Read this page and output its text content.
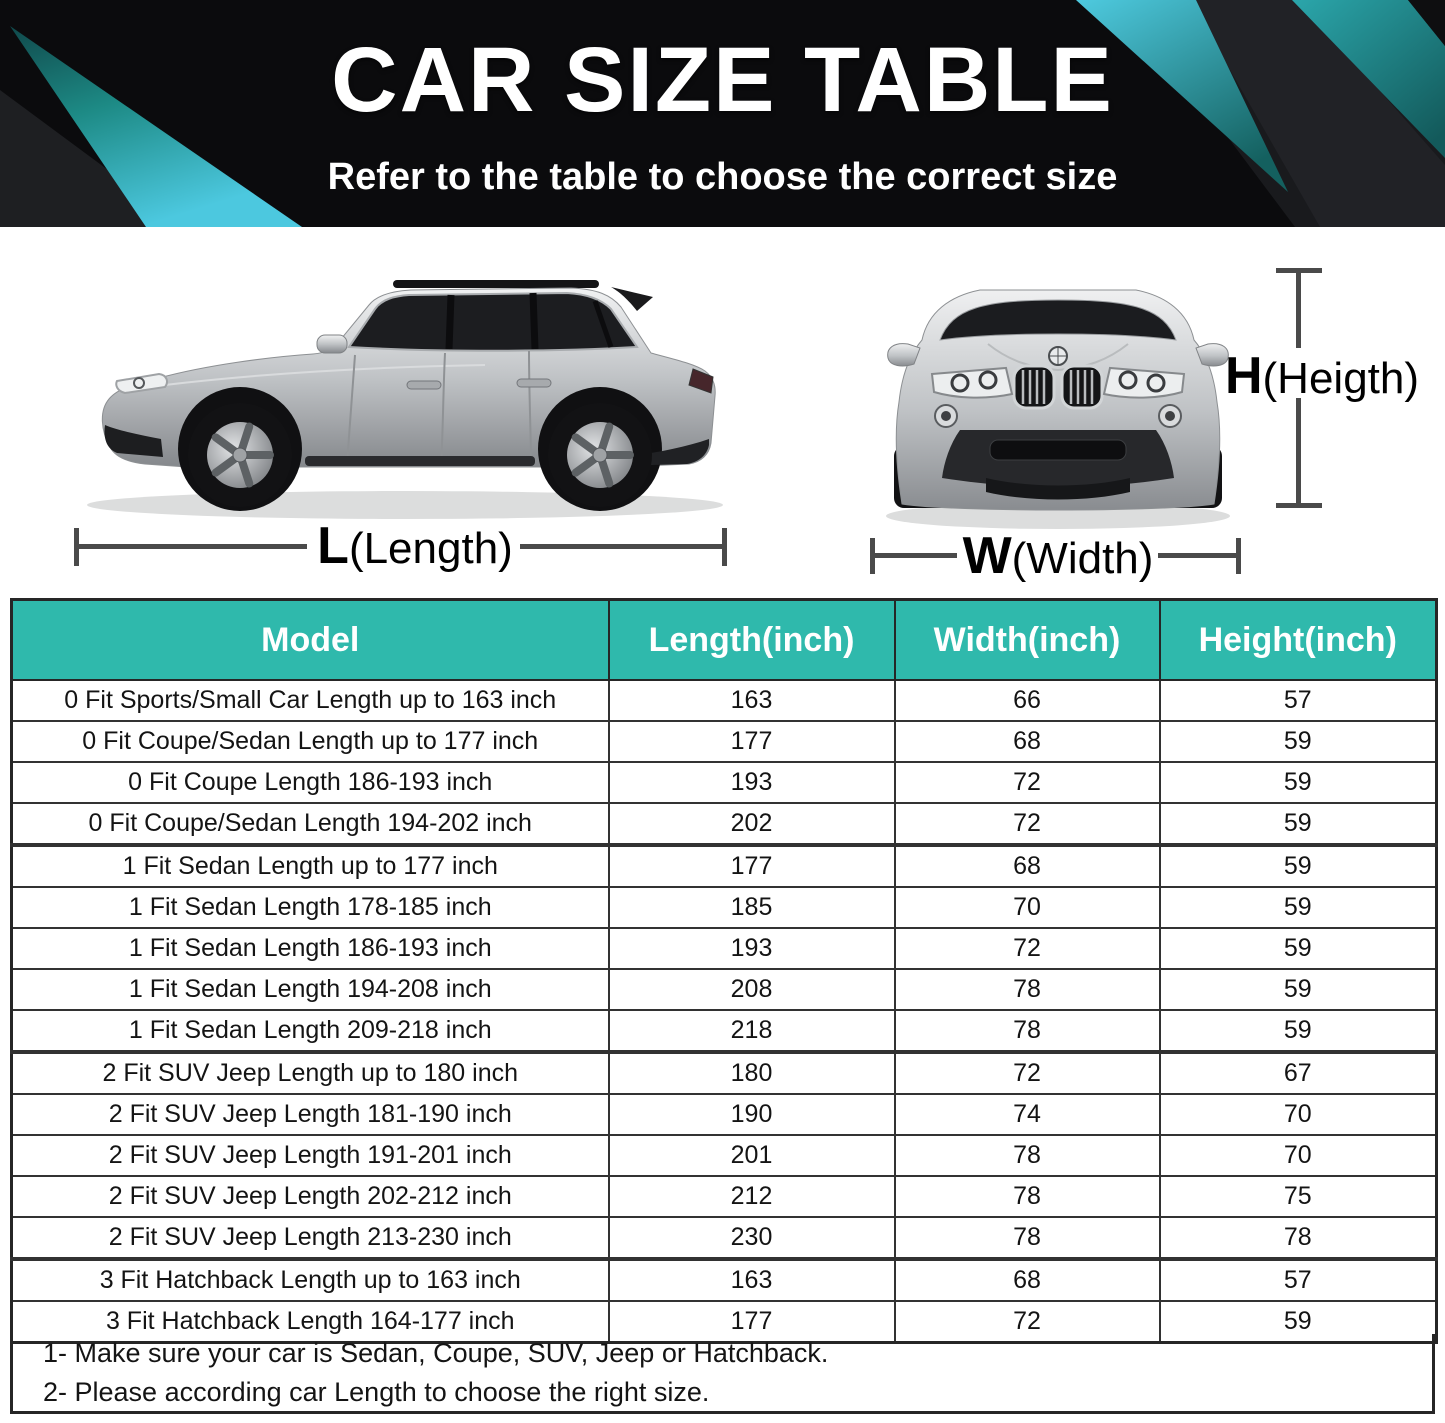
CAR SIZE TABLE
Refer to the table to choose the correct size
L(Length)	W(Width)
H(Heigth)
Model	Length(inch)	Width(inch)	Height(inch)
0 Fit Sports/Small Car Length up to 163 inch	163	66	57
0 Fit Coupe/Sedan Length up to 177 inch	177	68	59
0 Fit Coupe Length 186-193 inch	193	72	59
0 Fit Coupe/Sedan Length 194-202 inch	202	72	59
1 Fit Sedan Length up to 177 inch	177	68	59
1 Fit Sedan Length 178-185 inch	185	70	59
1 Fit Sedan Length 186-193 inch	193	72	59
1 Fit Sedan Length 194-208 inch	208	78	59
1 Fit Sedan Length 209-218 inch	218	78	59
2 Fit SUV Jeep Length up to 180 inch	180	72	67
2 Fit SUV Jeep Length 181-190 inch	190	74	70
2 Fit SUV Jeep Length 191-201 inch	201	78	70
2 Fit SUV Jeep Length 202-212 inch	212	78	75
2 Fit SUV Jeep Length 213-230 inch	230	78	78
3 Fit Hatchback Length up to 163 inch	163	68	57
3 Fit Hatchback Length 164-177 inch	177	72	59
1- Make sure your car is Sedan, Coupe, SUV, Jeep or Hatchback.
2- Please according car Length to choose the right size.
